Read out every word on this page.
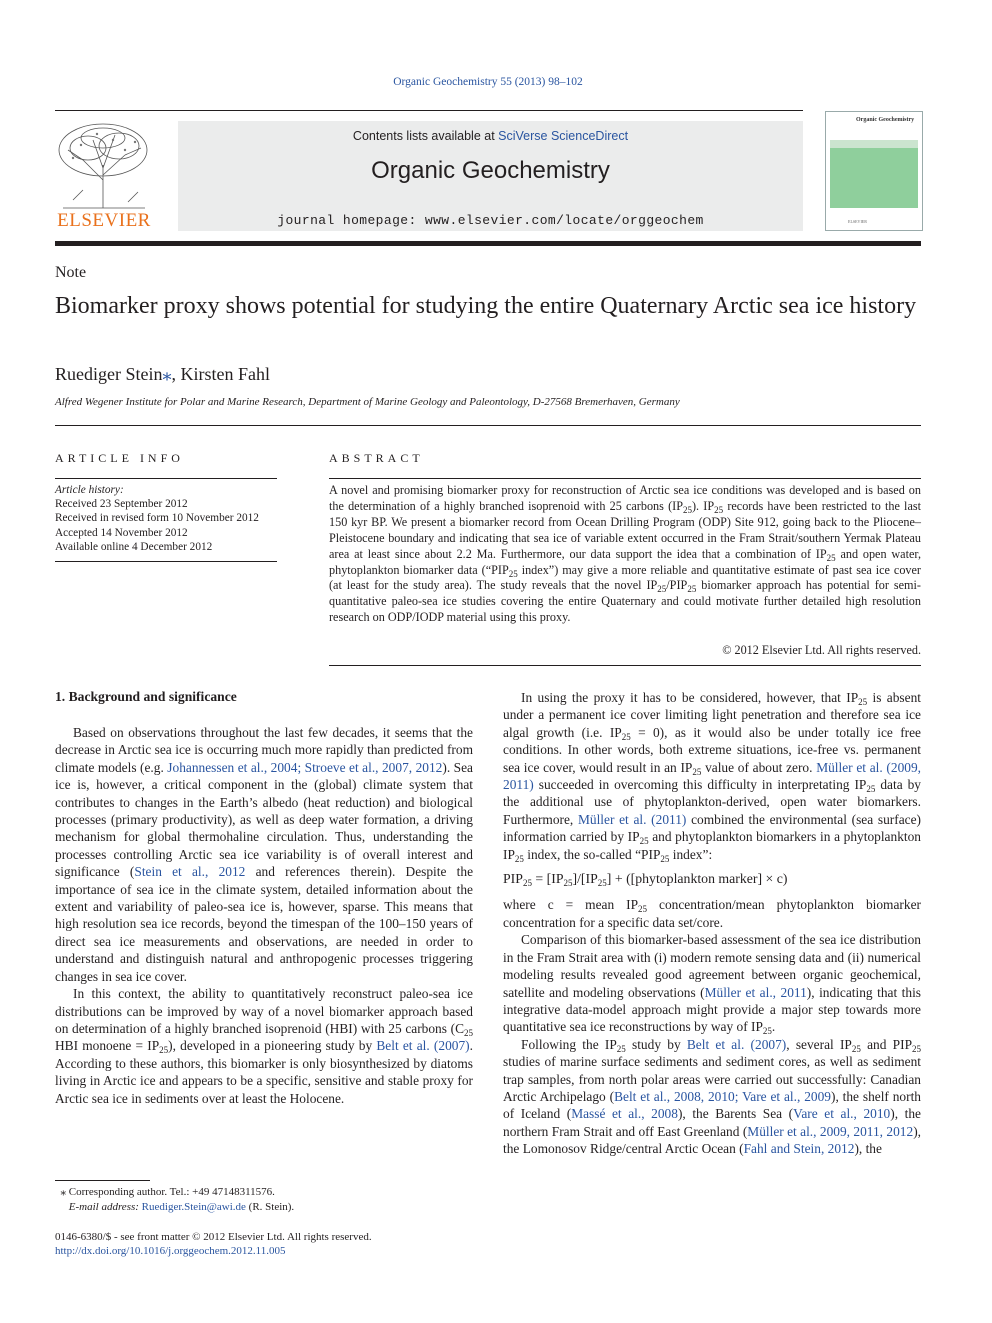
Organic Geochemistry 55 (2013) 98–102
ELSEVIER
Contents lists available at SciVerse ScienceDirect
Organic Geochemistry
journal homepage: www.elsevier.com/locate/orggeochem
Organic Geochemistry
ELSEVIER
Note
Biomarker proxy shows potential for studying the entire Quaternary Arctic sea ice history
Ruediger Stein⁎, Kirsten Fahl
Alfred Wegener Institute for Polar and Marine Research, Department of Marine Geology and Paleontology, D-27568 Bremerhaven, Germany
ARTICLE INFO
Article history:
Received 23 September 2012
Received in revised form 10 November 2012
Accepted 14 November 2012
Available online 4 December 2012
ABSTRACT
A novel and promising biomarker proxy for reconstruction of Arctic sea ice conditions was developed and is based on the determination of a highly branched isoprenoid with 25 carbons $(IP_{25})$. $IP_{25}$ records have been restricted to the last 150 kyr BP. We present a biomarker record from Ocean Drilling Program (ODP) Site 912, going back to the Pliocene–Pleistocene boundary and indicating that sea ice of variable extent occurred in the Fram Strait/southern Yermak Plateau area at least since about 2.2 Ma. Furthermore, our data support the idea that a combination of $IP_{25}$ and open water, phytoplankton biomarker data (“$PIP_{25}$ index”) may give a more reliable and quantitative estimate of past sea ice cover (at least for the study area). The study reveals that the novel $IP_{25}/PIP_{25}$ biomarker approach has potential for semi-quantitative paleo-sea ice studies covering the entire Quaternary and could motivate further detailed high resolution research on ODP/IODP material using this proxy.
© 2012 Elsevier Ltd. All rights reserved.
1. Background and significance

Based on observations throughout the last few decades, it seems that the decrease in Arctic sea ice is occurring much more rapidly than predicted from climate models (e.g. Johannessen et al., 2004; Stroeve et al., 2007, 2012). Sea ice is, however, a critical component in the (global) climate system that contributes to changes in the Earth’s albedo (heat reduction) and biological processes (primary productivity), as well as deep water formation, a driving mechanism for global thermohaline circulation. Thus, understanding the processes controlling Arctic sea ice variability is of overall interest and significance (Stein et al., 2012 and references therein). Despite the importance of sea ice in the climate system, detailed information about the extent and variability of paleo-sea ice is, however, sparse. This means that high resolution sea ice records, beyond the timespan of the 100–150 years of direct sea ice measurements and observations, are needed in order to understand and distinguish natural and anthropogenic processes triggering changes in sea ice cover.

In this context, the ability to quantitatively reconstruct paleo-sea ice distributions can be improved by way of a novel biomarker approach based on determination of a highly branched isoprenoid (HBI) with 25 carbons ($C_{25}$ HBI monoene = $IP_{25}$), developed in a pioneering study by Belt et al. (2007). According to these authors, this biomarker is only biosynthesized by diatoms living in Arctic ice and appears to be a specific, sensitive and stable proxy for Arctic sea ice in sediments over at least the Holocene.

In using the proxy it has to be considered, however, that $IP_{25}$ is absent under a permanent ice cover limiting light penetration and therefore sea ice algal growth (i.e. $IP_{25} = 0$), as it would also be under totally ice free conditions. In other words, both extreme situations, ice-free vs. permanent sea ice cover, would result in an $IP_{25}$ value of about zero. Müller et al. (2009, 2011) succeeded in overcoming this difficulty in interpretating $IP_{25}$ data by the additional use of phytoplankton-derived, open water biomarkers. Furthermore, Müller et al. (2011) combined the environmental (sea surface) information carried by $IP_{25}$ and phytoplankton biomarkers in a phytoplankton $IP_{25}$ index, the so-called “$PIP_{25}$ index”:

$PIP_{25} = [IP_{25}]/[IP_{25}]$ + ([phytoplankton marker] × c)

where c = mean $IP_{25}$ concentration/mean phytoplankton biomarker concentration for a specific data set/core.

Comparison of this biomarker-based assessment of the sea ice distribution in the Fram Strait area with (i) modern remote sensing data and (ii) numerical modeling results revealed good agreement between organic geochemical, satellite and modeling observations (Müller et al., 2011), indicating that this integrative data-model approach might provide a major step towards more quantitative sea ice reconstructions by way of $IP_{25}$.

Following the $IP_{25}$ study by Belt et al. (2007), several $IP_{25}$ and $PIP_{25}$ studies of marine surface sediments and sediment cores, as well as sediment trap samples, from north polar areas were carried out successfully: Canadian Arctic Archipelago (Belt et al., 2008, 2010; Vare et al., 2009), the shelf north of Iceland (Massé et al., 2008), the Barents Sea (Vare et al., 2010), the northern Fram Strait and off East Greenland (Müller et al., 2009, 2011, 2012), the Lomonosov Ridge/central Arctic Ocean (Fahl and Stein, 2012), the

⁎ Corresponding author. Tel.: +49 47148311576.
E-mail address: Ruediger.Stein@awi.de (R. Stein).
0146-6380/$ - see front matter © 2012 Elsevier Ltd. All rights reserved.
http://dx.doi.org/10.1016/j.orggeochem.2012.11.005
